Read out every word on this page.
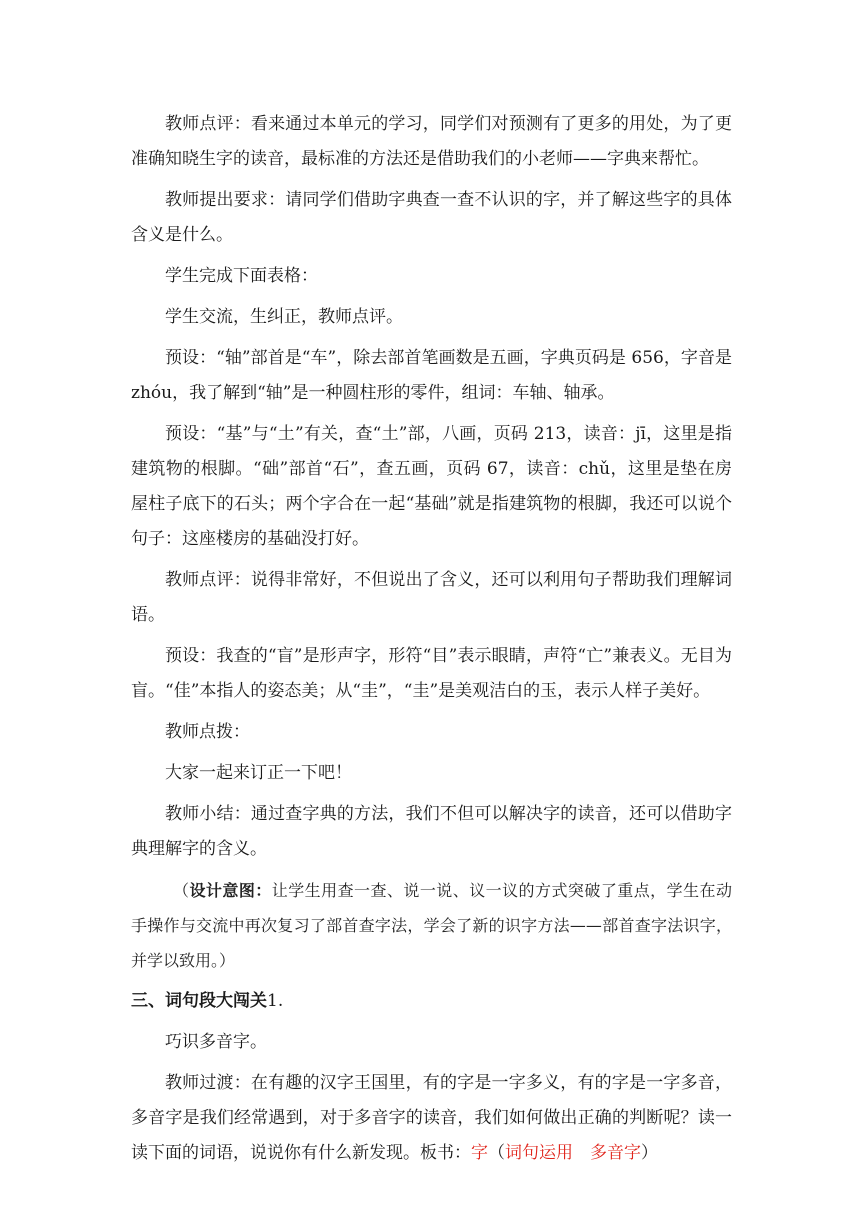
教师点评：看来通过本单元的学习，同学们对预测有了更多的用处，为了更准确知晓生字的读音，最标准的方法还是借助我们的小老师——字典来帮忙。

教师提出要求：请同学们借助字典查一查不认识的字，并了解这些字的具体含义是什么。

学生完成下面表格：

学生交流，生纠正，教师点评。

预设：“轴”部首是“车”，除去部首笔画数是五画，字典页码是 656，字音是 zhóu，我了解到“轴”是一种圆柱形的零件，组词：车轴、轴承。

预设：“基”与“土”有关，查“土”部，八画，页码 213，读音：jī，这里是指建筑物的根脚。“础”部首“石”，查五画，页码 67，读音：chǔ，这里是垫在房屋柱子底下的石头；两个字合在一起“基础”就是指建筑物的根脚，我还可以说个句子：这座楼房的基础没打好。

教师点评：说得非常好，不但说出了含义，还可以利用句子帮助我们理解词语。

预设：我查的“盲”是形声字，形符“目”表示眼睛，声符“亡”兼表义。无目为盲。“佳”本指人的姿态美；从“圭”，“圭”是美观洁白的玉，表示人样子美好。

教师点拨：

大家一起来订正一下吧！

教师小结：通过查字典的方法，我们不但可以解决字的读音，还可以借助字典理解字的含义。

（设计意图：让学生用查一查、说一说、议一议的方式突破了重点，学生在动手操作与交流中再次复习了部首查字法，学会了新的识字方法——部首查字法识字，并学以致用。）

三、词句段大闯关1.

巧识多音字。

教师过渡：在有趣的汉字王国里，有的字是一字多义，有的字是一字多音，多音字是我们经常遇到，对于多音字的读音，我们如何做出正确的判断呢？读一读下面的词语，说说你有什么新发现。板书：字（词句运用　多音字）
